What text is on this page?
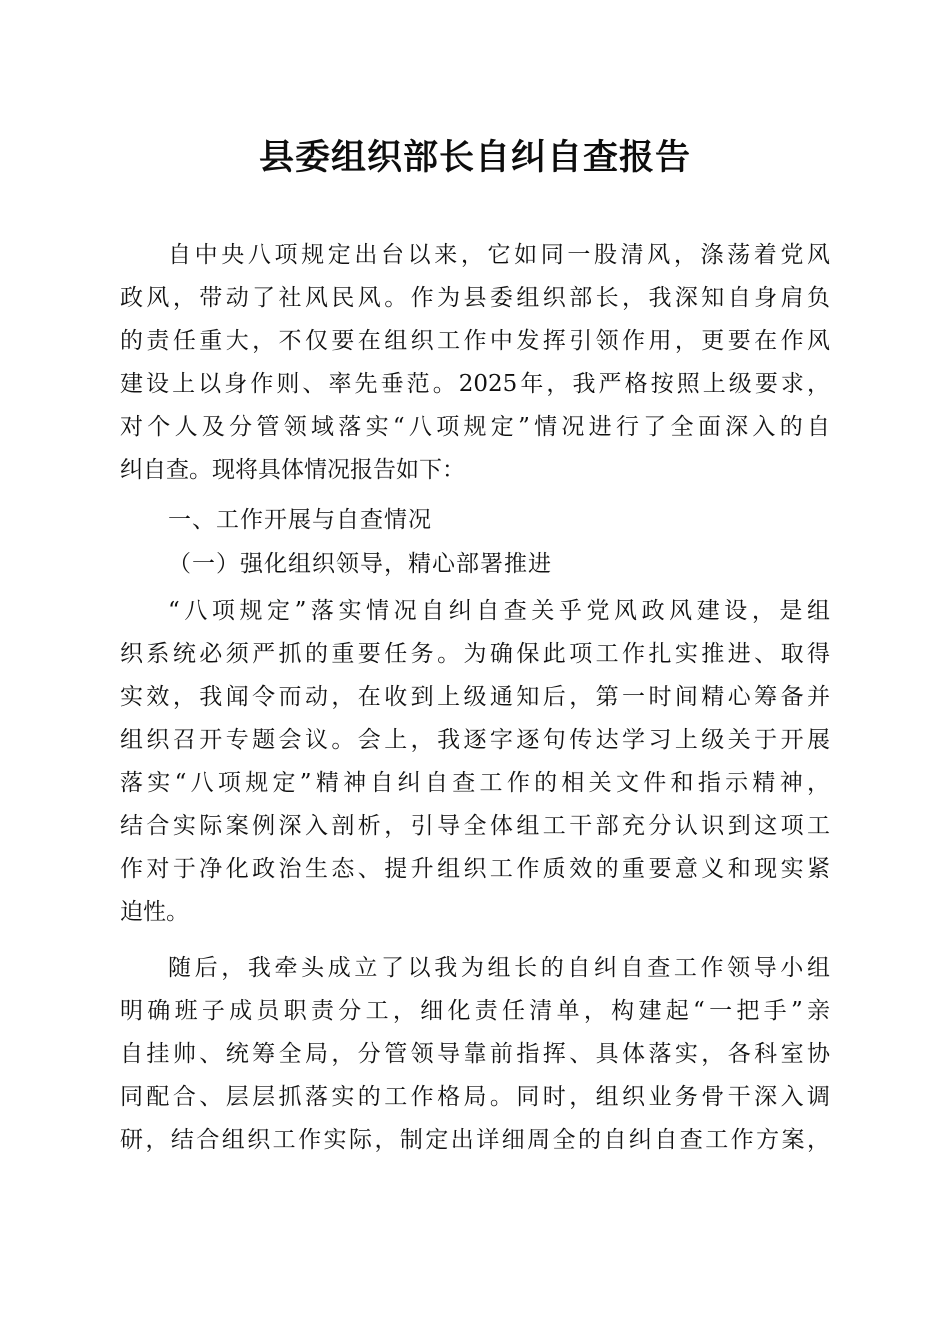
县委组织部长自纠自查报告
自中央八项规定出台以来，它如同一股清风，涤荡着党风
政风，带动了社风民风。作为县委组织部长，我深知自身肩负
的责任重大，不仅要在组织工作中发挥引领作用，更要在作风
建设上以身作则、率先垂范。2025年，我严格按照上级要求，
对个人及分管领域落实“八项规定”情况进行了全面深入的自
纠自查。现将具体情况报告如下：
一、工作开展与自查情况
（一）强化组织领导，精心部署推进
“八项规定”落实情况自纠自查关乎党风政风建设，是组
织系统必须严抓的重要任务。为确保此项工作扎实推进、取得
实效，我闻令而动，在收到上级通知后，第一时间精心筹备并
组织召开专题会议。会上，我逐字逐句传达学习上级关于开展
落实“八项规定”精神自纠自查工作的相关文件和指示精神，
结合实际案例深入剖析，引导全体组工干部充分认识到这项工
作对于净化政治生态、提升组织工作质效的重要意义和现实紧
迫性。
随后，我牵头成立了以我为组长的自纠自查工作领导小组
明确班子成员职责分工，细化责任清单，构建起“一把手”亲
自挂帅、统筹全局，分管领导靠前指挥、具体落实，各科室协
同配合、层层抓落实的工作格局。同时，组织业务骨干深入调
研，结合组织工作实际，制定出详细周全的自纠自查工作方案，
